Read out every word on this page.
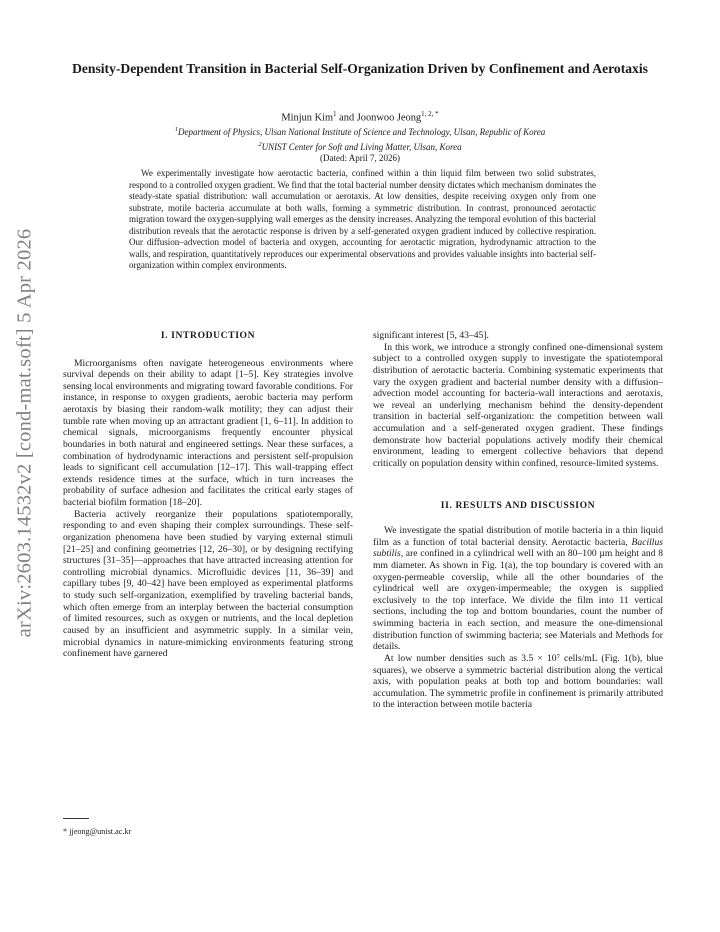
arXiv:2603.14532v2 [cond-mat.soft] 5 Apr 2026
Density-Dependent Transition in Bacterial Self-Organization Driven by Confinement and Aerotaxis
Minjun Kim$^1$ and Joonwoo Jeong$^{1, 2, *}$
$^1$Department of Physics, Ulsan National Institute of Science and Technology, Ulsan, Republic of Korea
$^2$UNIST Center for Soft and Living Matter, Ulsan, Korea
(Dated: April 7, 2026)
We experimentally investigate how aerotactic bacteria, confined within a thin liquid film between two solid substrates, respond to a controlled oxygen gradient. We find that the total bacterial number density dictates which mechanism dominates the steady-state spatial distribution: wall accumulation or aerotaxis. At low densities, despite receiving oxygen only from one substrate, motile bacteria accumulate at both walls, forming a symmetric distribution. In contrast, pronounced aerotactic migration toward the oxygen-supplying wall emerges as the density increases. Analyzing the temporal evolution of this bacterial distribution reveals that the aerotactic response is driven by a self-generated oxygen gradient induced by collective respiration. Our diffusion–advection model of bacteria and oxygen, accounting for aerotactic migration, hydrodynamic attraction to the walls, and respiration, quantitatively reproduces our experimental observations and provides valuable insights into bacterial self-organization within complex environments.
I. INTRODUCTION

Microorganisms often navigate heterogeneous environments where survival depends on their ability to adapt [1–5]. Key strategies involve sensing local environments and migrating toward favorable conditions. For instance, in response to oxygen gradients, aerobic bacteria may perform aerotaxis by biasing their random-walk motility; they can adjust their tumble rate when moving up an attractant gradient [1, 6–11]. In addition to chemical signals, microorganisms frequently encounter physical boundaries in both natural and engineered settings. Near these surfaces, a combination of hydrodynamic interactions and persistent self-propulsion leads to significant cell accumulation [12–17]. This wall-trapping effect extends residence times at the surface, which in turn increases the probability of surface adhesion and facilitates the critical early stages of bacterial biofilm formation [18–20].

Bacteria actively reorganize their populations spatiotemporally, responding to and even shaping their complex surroundings. These self-organization phenomena have been studied by varying external stimuli [21–25] and confining geometries [12, 26–30], or by designing rectifying structures [31–35]—approaches that have attracted increasing attention for controlling microbial dynamics. Microfluidic devices [11, 36–39] and capillary tubes [9, 40–42] have been employed as experimental platforms to study such self-organization, exemplified by traveling bacterial bands, which often emerge from an interplay between the bacterial consumption of limited resources, such as oxygen or nutrients, and the local depletion caused by an insufficient and asymmetric supply. In a similar vein, microbial dynamics in nature-mimicking environments featuring strong confinement have garnered

significant interest [5, 43–45].

In this work, we introduce a strongly confined one-dimensional system subject to a controlled oxygen supply to investigate the spatiotemporal distribution of aerotactic bacteria. Combining systematic experiments that vary the oxygen gradient and bacterial number density with a diffusion–advection model accounting for bacteria-wall interactions and aerotaxis, we reveal an underlying mechanism behind the density-dependent transition in bacterial self-organization: the competition between wall accumulation and a self-generated oxygen gradient. These findings demonstrate how bacterial populations actively modify their chemical environment, leading to emergent collective behaviors that depend critically on population density within confined, resource-limited systems.

II. RESULTS AND DISCUSSION

We investigate the spatial distribution of motile bacteria in a thin liquid film as a function of total bacterial density. Aerotactic bacteria, Bacillus subtilis, are confined in a cylindrical well with an 80–100 µm height and 8 mm diameter. As shown in Fig. 1(a), the top boundary is covered with an oxygen-permeable coverslip, while all the other boundaries of the cylindrical well are oxygen-impermeable; the oxygen is supplied exclusively to the top interface. We divide the film into 11 vertical sections, including the top and bottom boundaries, count the number of swimming bacteria in each section, and measure the one-dimensional distribution function of swimming bacteria; see Materials and Methods for details.

At low number densities such as 3.5 × 10⁷ cells/mL (Fig. 1(b), blue squares), we observe a symmetric bacterial distribution along the vertical axis, with population peaks at both top and bottom boundaries: wall accumulation. The symmetric profile in confinement is primarily attributed to the interaction between motile bacteria

* jjeong@unist.ac.kr
